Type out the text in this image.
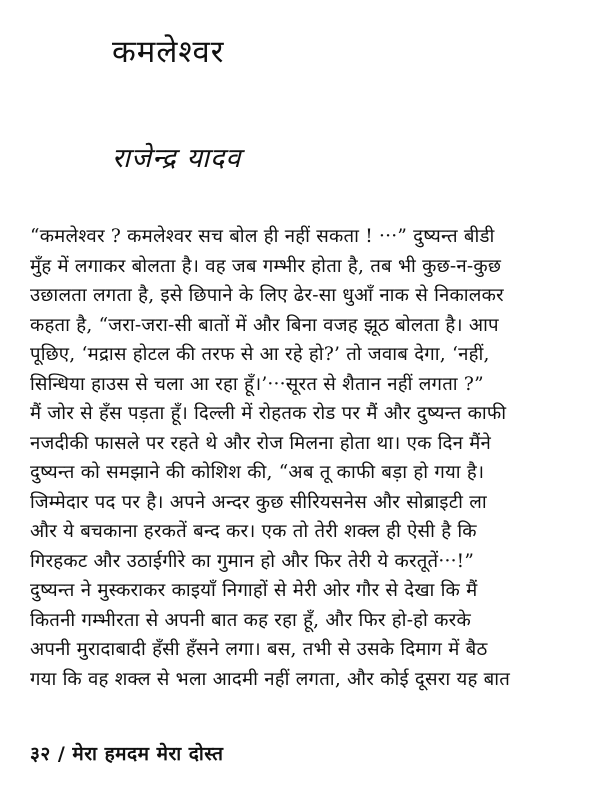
कमलेश्वर
राजेन्द्र यादव
“कमलेश्वर ? कमलेश्वर सच बोल ही नहीं सकता ! ···” दुष्यन्त बीडी
मुँह में लगाकर बोलता है। वह जब गम्भीर होता है, तब भी कुछ-न-कुछ
उछालता लगता है, इसे छिपाने के लिए ढेर-सा धुआँ नाक से निकालकर
कहता है, “जरा-जरा-सी बातों में और बिना वजह झूठ बोलता है। आप
पूछिए, ‘मद्रास होटल की तरफ से आ रहे हो?’ तो जवाब देगा, ‘नहीं,
सिन्धिया हाउस से चला आ रहा हूँ।’···सूरत से शैतान नहीं लगता ?”
मैं जोर से हँस पड़ता हूँ। दिल्ली में रोहतक रोड पर मैं और दुष्यन्त काफी
नजदीकी फासले पर रहते थे और रोज मिलना होता था। एक दिन मैंने
दुष्यन्त को समझाने की कोशिश की, “अब तू काफी बड़ा हो गया है।
जिम्मेदार पद पर है। अपने अन्दर कुछ सीरियसनेस और सोब्राइटी ला
और ये बचकाना हरकतें बन्द कर। एक तो तेरी शक्ल ही ऐसी है कि
गिरहकट और उठाईगीरे का गुमान हो और फिर तेरी ये करतूतें···!”
दुष्यन्त ने मुस्कराकर काइयाँ निगाहों से मेरी ओर गौर से देखा कि मैं
कितनी गम्भीरता से अपनी बात कह रहा हूँ, और फिर हो-हो करके
अपनी मुरादाबादी हँसी हँसने लगा। बस, तभी से उसके दिमाग में बैठ
गया कि वह शक्ल से भला आदमी नहीं लगता, और कोई दूसरा यह बात
३२ / मेरा हमदम मेरा दोस्त
